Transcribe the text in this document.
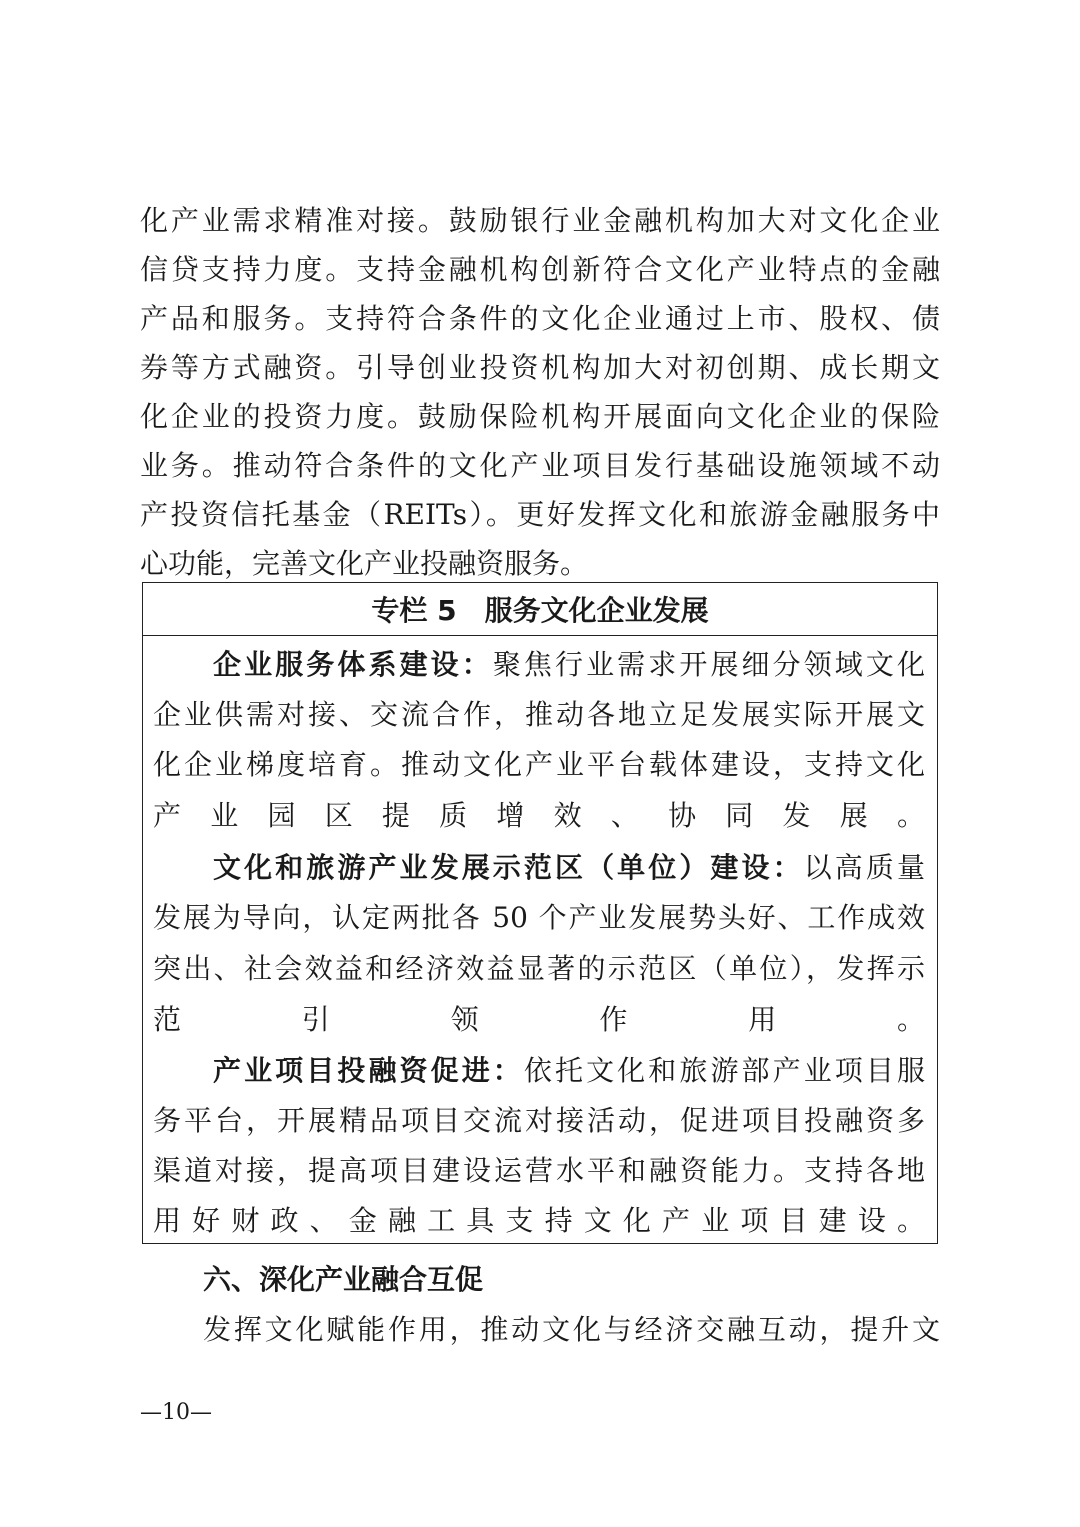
化产业需求精准对接。鼓励银行业金融机构加大对文化企业
信贷支持力度。支持金融机构创新符合文化产业特点的金融
产品和服务。支持符合条件的文化企业通过上市、股权、债
券等方式融资。引导创业投资机构加大对初创期、成长期文
化企业的投资力度。鼓励保险机构开展面向文化企业的保险
业务。推动符合条件的文化产业项目发行基础设施领域不动
产投资信托基金（REITs）。更好发挥文化和旅游金融服务中
心功能，完善文化产业投融资服务。
专栏 5　服务文化企业发展
企业服务体系建设：聚焦行业需求开展细分领域文化
企业供需对接、交流合作，推动各地立足发展实际开展文
化企业梯度培育。推动文化产业平台载体建设，支持文化
产业园区提质增效、协同发展。
文化和旅游产业发展示范区（单位）建设：以高质量
发展为导向，认定两批各 50 个产业发展势头好、工作成效
突出、社会效益和经济效益显著的示范区（单位），发挥示
范引领作用。
产业项目投融资促进：依托文化和旅游部产业项目服
务平台，开展精品项目交流对接活动，促进项目投融资多
渠道对接，提高项目建设运营水平和融资能力。支持各地
用好财政、金融工具支持文化产业项目建设。
六、深化产业融合互促
发挥文化赋能作用，推动文化与经济交融互动，提升文
—10—
